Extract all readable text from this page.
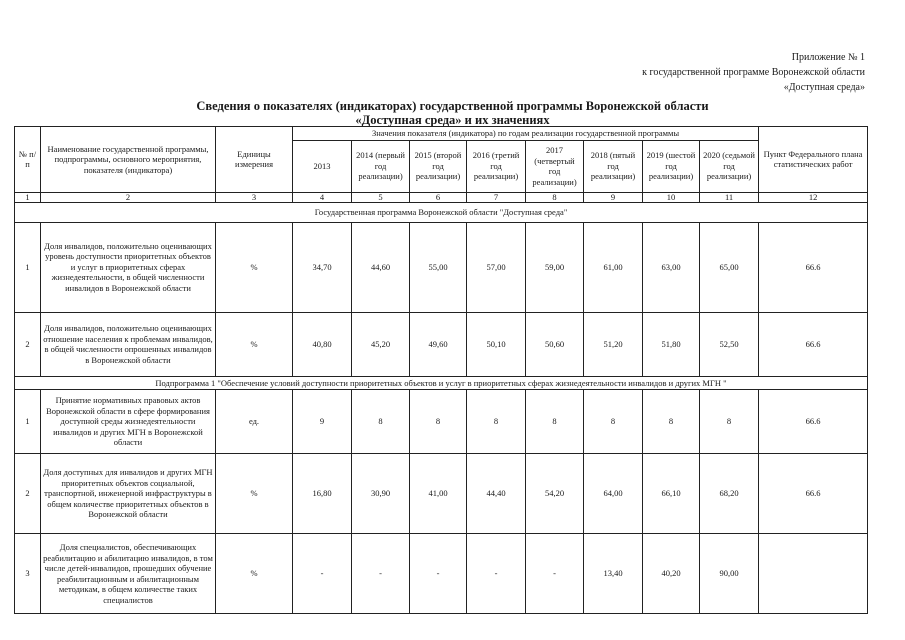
Приложение № 1
к государственной программе Воронежской области
«Доступная среда»
Сведения о показателях (индикаторах) государственной программы Воронежской области
«Доступная среда» и их значениях
№ п/п	Наименование государственной программы, подпрограммы, основного мероприятия, показателя (индикатора)	Единицы измерения	Значения показателя (индикатора) по годам реализации государственной программы								Пункт Федерального плана статистических работ
			2013	2014 (первый год реализации)	2015 (второй год реализации)	2016 (третий год реализации)	2017 (четвертый год реализации)	2018 (пятый год реализации)	2019 (шестой год реализации)	2020 (седьмой год реализации)	
1	2	3	4	5	6	7	8	9	10	11	12
Государственная программа Воронежской области "Доступная среда"											
1	Доля инвалидов, положительно оценивающих уровень доступности приоритетных объектов и услуг в приоритетных сферах жизнедеятельности, в общей численности инвалидов в Воронежской области	%	34,70	44,60	55,00	57,00	59,00	61,00	63,00	65,00	66.6
2	Доля инвалидов, положительно оценивающих отношение населения к проблемам инвалидов, в общей численности опрошенных инвалидов в Воронежской области	%	40,80	45,20	49,60	50,10	50,60	51,20	51,80	52,50	66.6
Подпрограмма 1 "Обеспечение условий доступности приоритетных объектов и услуг в приоритетных сферах жизнедеятельности инвалидов и других МГН "											
1	Принятие нормативных правовых актов Воронежской области в сфере формирования доступной среды жизнедеятельности инвалидов и других МГН в Воронежской области	ед.	9	8	8	8	8	8	8	8	66.6
2	Доля доступных для инвалидов и других МГН приоритетных объектов социальной, транспортной, инженерной инфраструктуры в общем количестве приоритетных объектов в Воронежской области	%	16,80	30,90	41,00	44,40	54,20	64,00	66,10	68,20	66.6
3	Доля специалистов, обеспечивающих реабилитацию и абилитацию инвалидов, в том числе детей-инвалидов, прошедших обучение реабилитационным и абилитационным методикам, в общем количестве таких специалистов	%	-	-	-	-	-	13,40	40,20	90,00	
